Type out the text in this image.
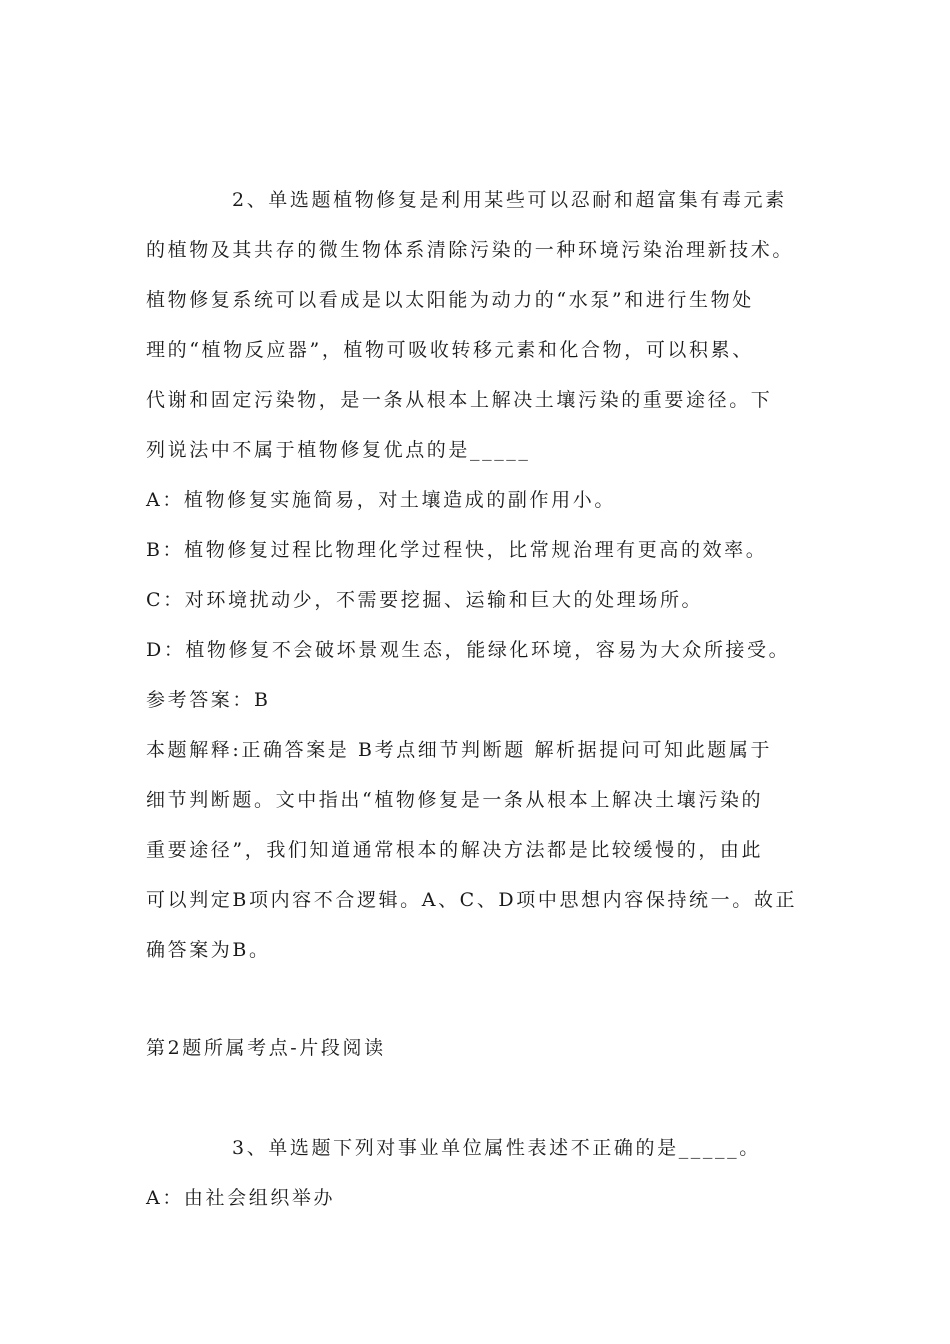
2、单选题植物修复是利用某些可以忍耐和超富集有毒元素
的植物及其共存的微生物体系清除污染的一种环境污染治理新技术。
植物修复系统可以看成是以太阳能为动力的“水泵”和进行生物处
理的“植物反应器”，植物可吸收转移元素和化合物，可以积累、
代谢和固定污染物，是一条从根本上解决土壤污染的重要途径。下
列说法中不属于植物修复优点的是_____
A：植物修复实施简易，对土壤造成的副作用小。
B：植物修复过程比物理化学过程快，比常规治理有更高的效率。
C：对环境扰动少，不需要挖掘、运输和巨大的处理场所。
D：植物修复不会破坏景观生态，能绿化环境，容易为大众所接受。
参考答案：B
本题解释:正确答案是 B考点细节判断题 解析据提问可知此题属于
细节判断题。文中指出“植物修复是一条从根本上解决土壤污染的
重要途径”，我们知道通常根本的解决方法都是比较缓慢的，由此
可以判定B项内容不合逻辑。A、C、D项中思想内容保持统一。故正
确答案为B。
第2题所属考点-片段阅读
3、单选题下列对事业单位属性表述不正确的是_____。
A：由社会组织举办
